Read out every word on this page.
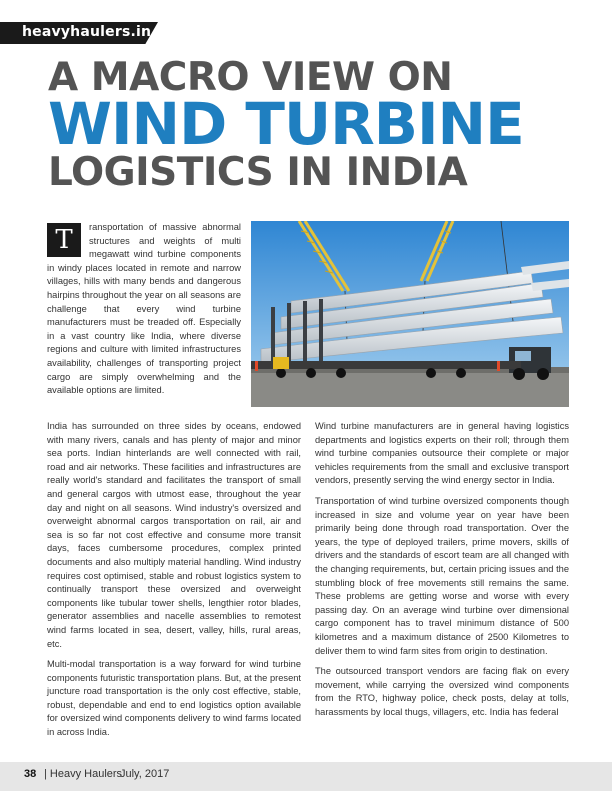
heavyhaulers.in
A MACRO VIEW ON
WIND TURBINE
LOGISTICS IN INDIA

T	ransportation of massive abnormal structures and weights of multi megawatt wind turbine components in windy places located in remote and narrow villages, hills with many bends and dangerous hairpins throughout the year on all seasons are challenge that every wind turbine manufacturers must be treaded off. Especially in a vast country like India, where diverse regions and culture with limited infrastructures availability, challenges of transporting project cargo are simply overwhelming and the available options are limited.

India has surrounded on three sides by oceans, endowed with many rivers, canals and has plenty of major and minor sea ports. Indian hinterlands are well connected with rail, road and air networks. These facilities and infrastructures are really world's standard and facilitates the transport of small and general cargos with utmost ease, throughout the year day and night on all seasons. Wind industry's oversized and overweight abnormal cargos transportation on rail, air and sea is so far not cost effective and consume more transit days, faces cumbersome procedures, complex printed documents and also multiply material handling. Wind industry requires cost optimised, stable and robust logistics system to continually transport these oversized and overweight components like tubular tower shells, lengthier rotor blades, generator assemblies and nacelle assemblies to remotest wind farms located in sea, desert, valley, hills, rural areas, etc.

Multi-modal transportation is a way forward for wind turbine components futuristic transportation plans. But, at the present juncture road transportation is the only cost effective, stable, robust, dependable and end to end logistics option available for oversized wind components delivery to wind farms located in across India.

Wind turbine manufacturers are in general having logistics departments and logistics experts on their roll; through them wind turbine companies outsource their complete or major vehicles requirements from the small and exclusive transport vendors, presently serving the wind energy sector in India.

Transportation of wind turbine oversized components though increased in size and volume year on year have been primarily being done through road transportation. Over the years, the type of deployed trailers, prime movers, skills of drivers and the standards of escort team are all changed with the changing requirements, but, certain pricing issues and the stumbling block of free movements still remains the same. These problems are getting worse and worse with every passing day. On an average wind turbine over dimensional cargo component has to travel minimum distance of 500 kilometres and a maximum distance of 2500 Kilometres to deliver them to wind farm sites from origin to destination.

The outsourced transport vendors are facing flak on every movement, while carrying the oversized wind components from the RTO, highway police, check posts, delay at tolls, harassments by local thugs, villagers, etc. India has federal

38 | Heavy Haulers
July, 2017
